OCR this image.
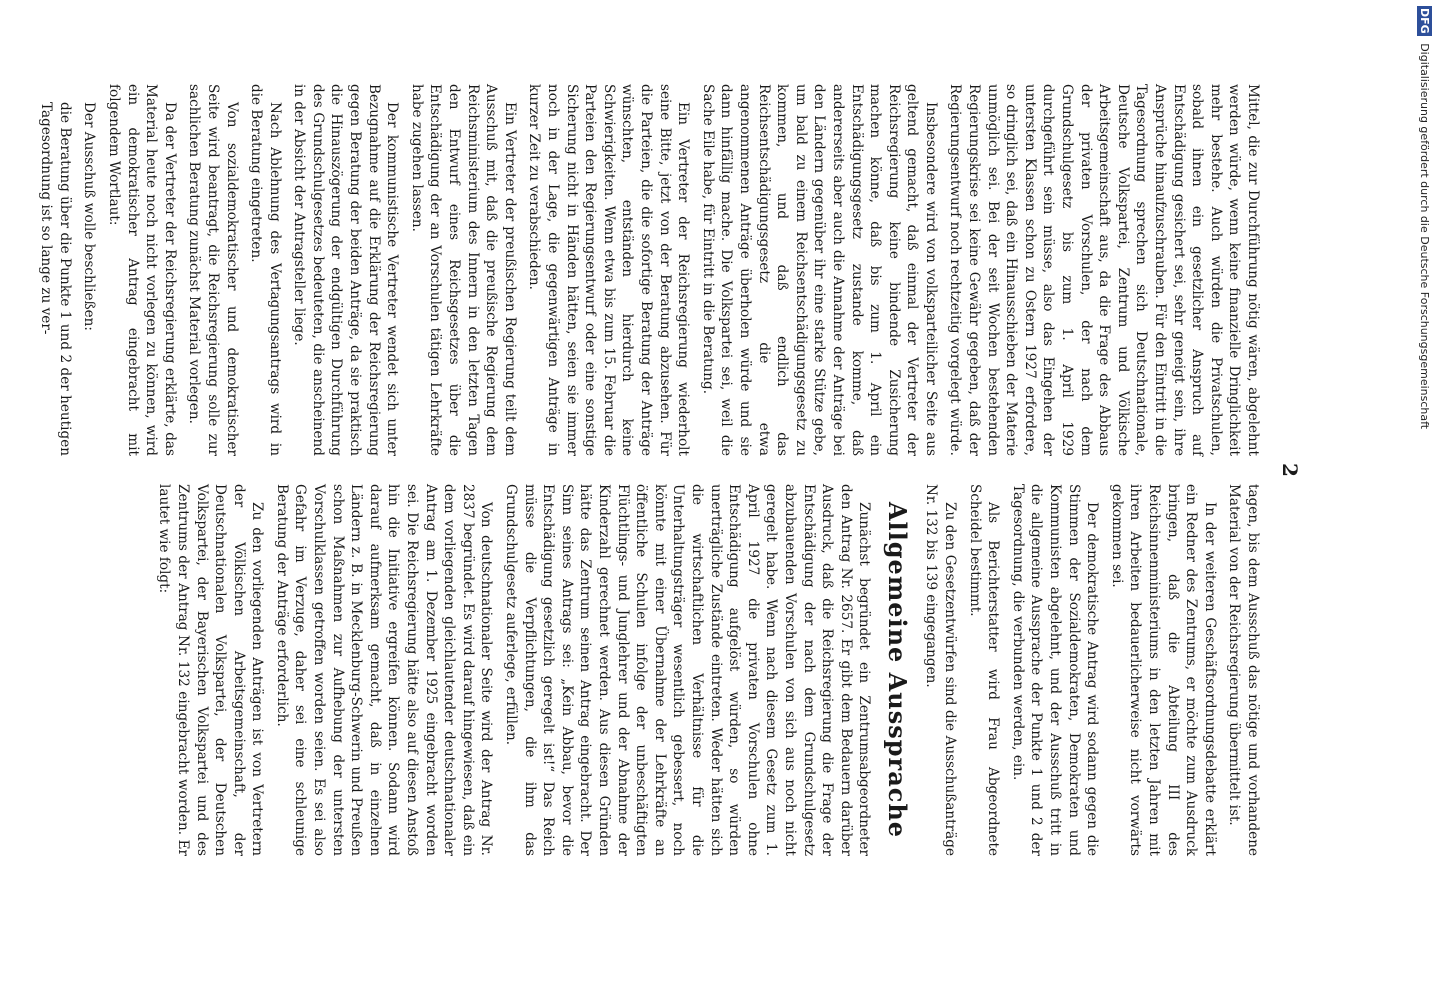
2

Mittel, die zur Durchführung nötig wären, abgelehnt werden würde, wenn keine finanzielle Dringlichkeit mehr bestehe. Auch würden die Privatschulen, sobald ihnen ein gesetzlicher Anspruch auf Entschädigung gesichert sei, sehr geneigt sein, ihre Ansprüche hinaufzuschrauben. Für den Eintritt in die Tagesordnung sprechen sich Deutschnationale, Deutsche Volkspartei, Zentrum und Völkische Arbeitsgemeinschaft aus, da die Frage des Abbaus der privaten Vorschulen, der nach dem Grundschulgesetz bis zum 1. April 1929 durchgeführt sein müsse, also das Eingehen der untersten Klassen schon zu Ostern 1927 erfordere, so dringlich sei, daß ein Hinausschieben der Materie unmöglich sei. Bei der seit Wochen bestehenden Regierungskrise sei keine Gewähr gegeben, daß der Regierungsentwurf noch rechtzeitig vorgelegt würde.

Insbesondere wird von volksparteilicher Seite aus geltend gemacht, daß einmal der Vertreter der Reichsregierung keine bindende Zusicherung machen könne, daß bis zum 1. April ein Entschädigungsgesetz zustande komme, daß andererseits aber auch die Annahme der Anträge bei den Ländern gegenüber ihr eine starke Stütze gebe, um bald zu einem Reichsentschädigungsgesetz zu kommen, und daß endlich das Reichsentschädigungsgesetz die etwa angenommenen Anträge überholen würde und sie dann hinfällig mache. Die Volkspartei sei, weil die Sache Eile habe, für Eintritt in die Beratung.

Ein Vertreter der Reichsregierung wiederholt seine Bitte, jetzt von der Beratung abzusehen. Für die Parteien, die die sofortige Beratung der Anträge wünschten, entständen hierdurch keine Schwierigkeiten. Wenn etwa bis zum 15. Februar die Parteien den Regierungsentwurf oder eine sonstige Sicherung nicht in Händen hätten, seien sie immer noch in der Lage, die gegenwärtigen Anträge in kurzer Zeit zu verabschieden.

Ein Vertreter der preußischen Regierung teilt dem Ausschuß mit, daß die preußische Regierung dem Reichsministerium des Innern in den letzten Tagen den Entwurf eines Reichsgesetzes über die Entschädigung der an Vorschulen tätigen Lehrkräfte habe zugehen lassen.

Der kommunistische Vertreter wendet sich unter Bezugnahme auf die Erklärung der Reichsregierung gegen Beratung der beiden Anträge, da sie praktisch die Hinauszögerung der endgültigen Durchführung des Grundschulgesetzes bedeuteten, die anscheinend in der Absicht der Antragsteller liege.

Nach Ablehnung des Vertagungsantrags wird in die Beratung eingetreten.

Von sozialdemokratischer und demokratischer Seite wird beantragt, die Reichsregierung solle zur sachlichen Beratung zunächst Material vorlegen.

Da der Vertreter der Reichsregierung erklärte, das Material heute noch nicht vorlegen zu können, wird ein demokratischer Antrag eingebracht mit folgendem Wortlaut:

Der Ausschuß wolle beschließen:

die Beratung über die Punkte 1 und 2 der heutigen Tagesordnung ist so lange zu ver-

tagen, bis dem Ausschuß das nötige und vorhandene Material von der Reichsregierung übermittelt ist.

In der weiteren Geschäftsordnungsdebatte erklärt ein Redner des Zentrums, er möchte zum Ausdruck bringen, daß die Abteilung III des Reichsinnenministeriums in den letzten Jahren mit ihren Arbeiten bedauerlicherweise nicht vorwärts gekommen sei.

Der demokratische Antrag wird sodann gegen die Stimmen der Sozialdemokraten, Demokraten und Kommunisten abgelehnt, und der Ausschuß tritt in die allgemeine Aussprache der Punkte 1 und 2 der Tagesordnung, die verbunden werden, ein.

Als Berichterstatter wird Frau Abgeordnete Scheidel bestimmt.

Zu den Gesetzentwürfen sind die Ausschußanträge Nr. 132 bis 139 eingegangen.

Allgemeine Aussprache

Zunächst begründet ein Zentrumsabgeordneter den Antrag Nr. 2657. Er gibt dem Bedauern darüber Ausdruck, daß die Reichsregierung die Frage der Entschädigung der nach dem Grundschulgesetz abzubauenden Vorschulen von sich aus noch nicht geregelt habe. Wenn nach diesem Gesetz zum 1. April 1927 die privaten Vorschulen ohne Entschädigung aufgelöst würden, so würden unerträgliche Zustände eintreten. Weder hätten sich die wirtschaftlichen Verhältnisse für die Unterhaltungsträger wesentlich gebessert, noch könnte mit einer Übernahme der Lehrkräfte an öffentliche Schulen infolge der unbeschäftigten Flüchtlings- und Junglehrer und der Abnahme der Kinderzahl gerechnet werden. Aus diesen Gründen hätte das Zentrum seinen Antrag eingebracht. Der Sinn seines Antrags sei: „Kein Abbau, bevor die Entschädigung gesetzlich geregelt ist!“ Das Reich müsse die Verpflichtungen, die ihm das Grundschulgesetz auferlege, erfüllen.

Von deutschnationaler Seite wird der Antrag Nr. 2837 begründet. Es wird darauf hingewiesen, daß ein dem vorliegenden gleichlautender deutschnationaler Antrag am 1. Dezember 1925 eingebracht worden sei. Die Reichsregierung hätte also auf diesen Anstoß hin die Initiative ergreifen können. Sodann wird darauf aufmerksam gemacht, daß in einzelnen Ländern z. B. in Mecklenburg-Schwerin und Preußen schon Maßnahmen zur Aufhebung der untersten Vorschulklassen getroffen worden seien. Es sei also Gefahr im Verzuge, daher sei eine schleunige Beratung der Anträge erforderlich.

Zu den vorliegenden Anträgen ist von Vertretern der Völkischen Arbeitsgemeinschaft, der Deutschnationalen Volkspartei, der Deutschen Volkspartei, der Bayerischen Volkspartei und des Zentrums der Antrag Nr. 132 eingebracht worden. Er lautet wie folgt:

DFG Digitalisierung gefördert durch die Deutsche Forschungsgemeinschaft
